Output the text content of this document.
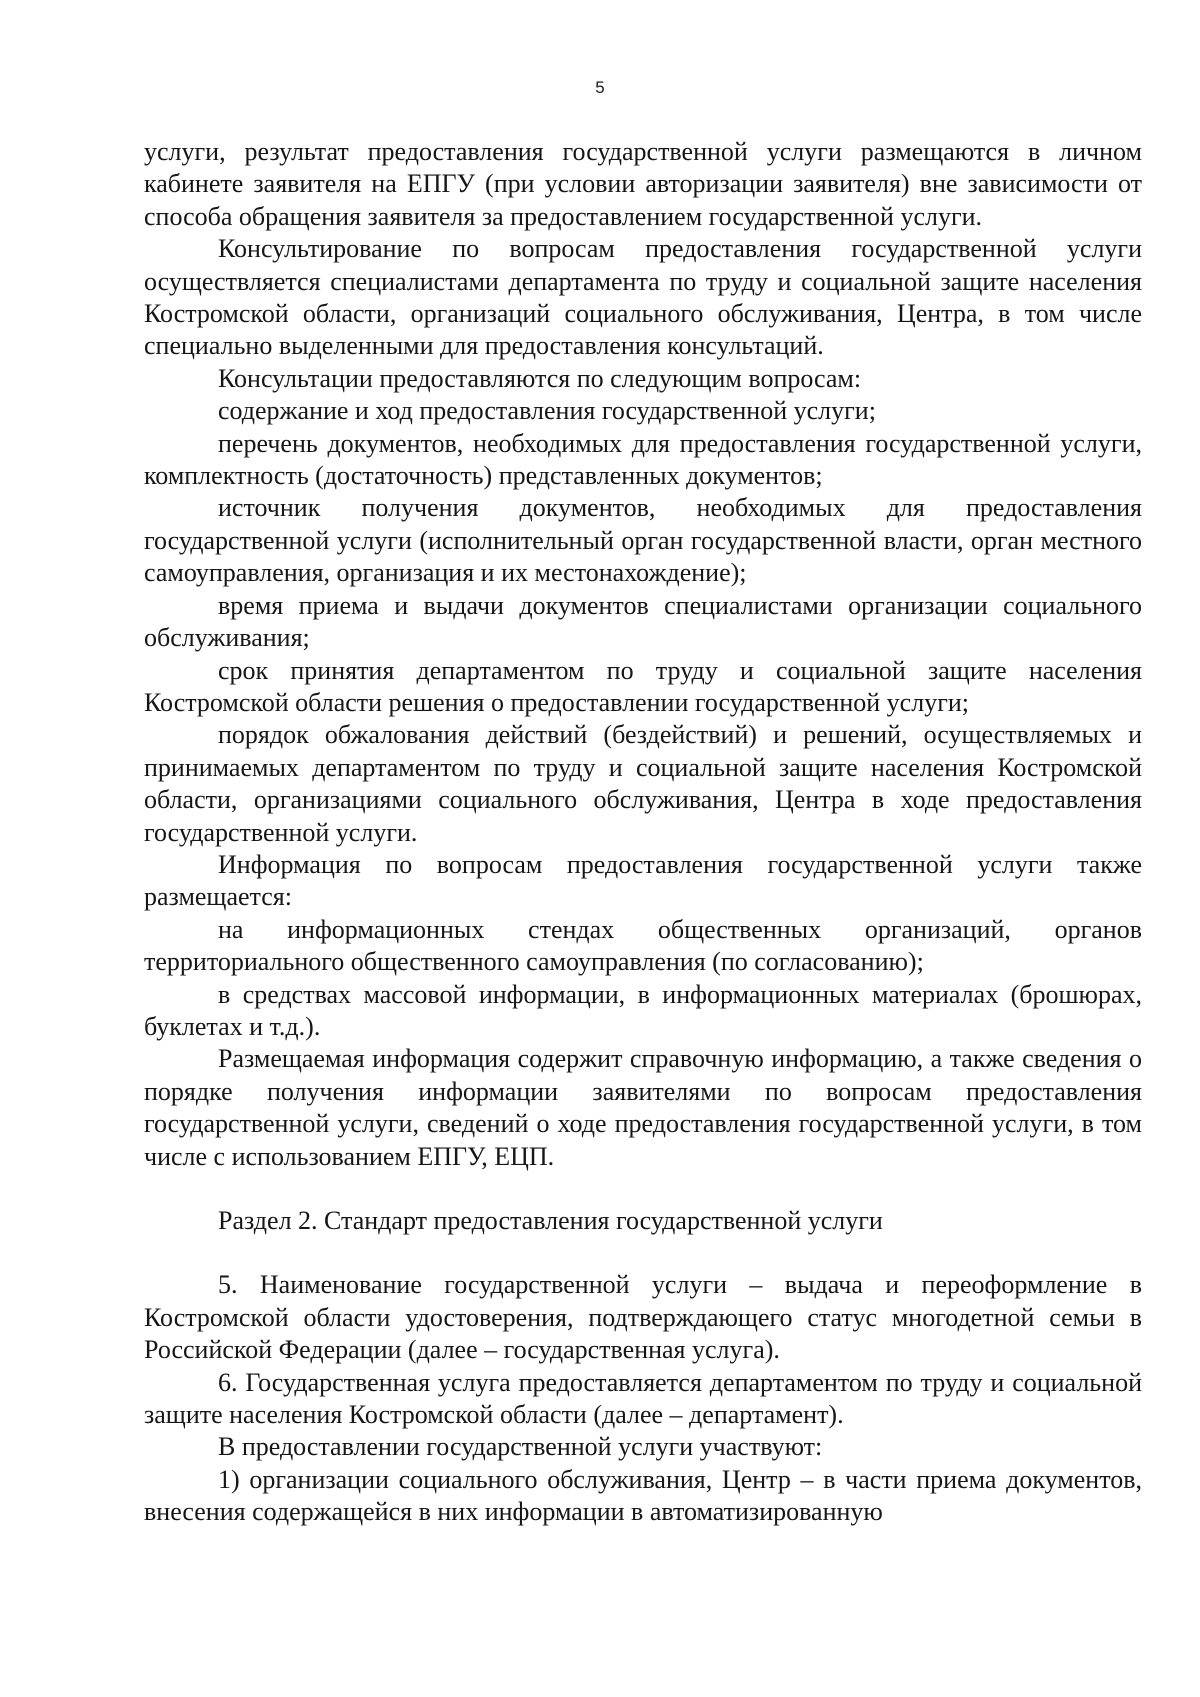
5

услуги, результат предоставления государственной услуги размещаются в личном кабинете заявителя на ЕПГУ (при условии авторизации заявителя) вне зависимости от способа обращения заявителя за предоставлением государственной услуги.

Консультирование по вопросам предоставления государственной услуги осуществляется специалистами департамента по труду и социальной защите населения Костромской области, организаций социального обслуживания, Центра, в том числе специально выделенными для предоставления консультаций.

Консультации предоставляются по следующим вопросам:

содержание и ход предоставления государственной услуги;

перечень документов, необходимых для предоставления государственной услуги, комплектность (достаточность) представленных документов;

источник получения документов, необходимых для предоставления государственной услуги (исполнительный орган государственной власти, орган местного самоуправления, организация и их местонахождение);

время приема и выдачи документов специалистами организации социального обслуживания;

срок принятия департаментом по труду и социальной защите населения Костромской области решения о предоставлении государственной услуги;

порядок обжалования действий (бездействий) и решений, осуществляемых и принимаемых департаментом по труду и социальной защите населения Костромской области, организациями социального обслуживания, Центра в ходе предоставления государственной услуги.

Информация по вопросам предоставления государственной услуги также размещается:

на информационных стендах общественных организаций, органов территориального общественного самоуправления (по согласованию);

в средствах массовой информации, в информационных материалах (брошюрах, буклетах и т.д.).

Размещаемая информация содержит справочную информацию, а также сведения о порядке получения информации заявителями по вопросам предоставления государственной услуги, сведений о ходе предоставления государственной услуги, в том числе с использованием ЕПГУ, ЕЦП.

Раздел 2. Стандарт предоставления государственной услуги

5. Наименование государственной услуги – выдача и переоформление в Костромской области удостоверения, подтверждающего статус многодетной семьи в Российской Федерации (далее – государственная услуга).

6. Государственная услуга предоставляется департаментом по труду и социальной защите населения Костромской области (далее – департамент).

В предоставлении государственной услуги участвуют:

1) организации социального обслуживания, Центр – в части приема документов, внесения содержащейся в них информации в автоматизированную
